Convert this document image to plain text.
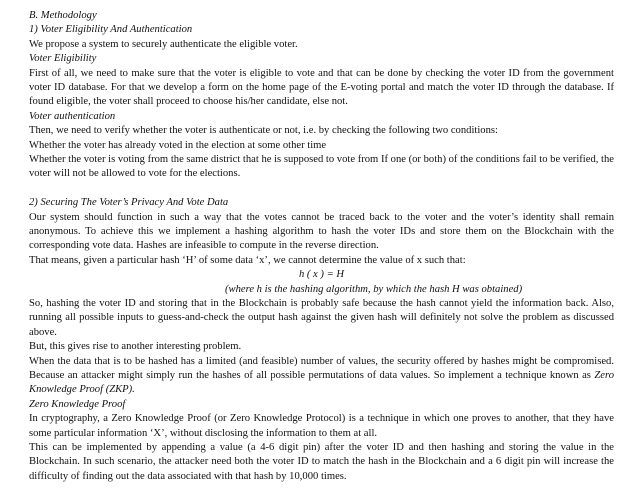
B. Methodology
1) Voter Eligibility And Authentication
We propose a system to securely authenticate the eligible voter.
Voter Eligibility

First of all, we need to make sure that the voter is eligible to vote and that can be done by checking the voter ID from the government voter ID database. For that we develop a form on the home page of the E-voting portal and match the voter ID through the database. If found eligible, the voter shall proceed to choose his/her candidate, else not.

Voter authentication
Then, we need to verify whether the voter is authenticate or not, i.e. by checking the following two conditions:
Whether the voter has already voted in the election at some other time

Whether the voter is voting from the same district that he is supposed to vote from If one (or both) of the conditions fail to be verified, the voter will not be allowed to vote for the elections.

2) Securing The Voter’s Privacy And Vote Data

Our system should function in such a way that the votes cannot be traced back to the voter and the voter’s identity shall remain anonymous. To achieve this we implement a hashing algorithm to hash the voter IDs and store them on the Blockchain with the corresponding vote data. Hashes are infeasible to compute in the reverse direction.

That means, given a particular hash ‘H’ of some data ‘x’, we cannot determine the value of x such that:
h ( x ) = H
(where h is the hashing algorithm, by which the hash H was obtained)

So, hashing the voter ID and storing that in the Blockchain is probably safe because the hash cannot yield the information back. Also, running all possible inputs to guess-and-check the output hash against the given hash will definitely not solve the problem as discussed above.

But, this gives rise to another interesting problem.

When the data that is to be hashed has a limited (and feasible) number of values, the security offered by hashes might be compromised. Because an attacker might simply run the hashes of all possible permutations of data values. So implement a technique known as Zero Knowledge Proof (ZKP).

Zero Knowledge Proof

In cryptography, a Zero Knowledge Proof (or Zero Knowledge Protocol) is a technique in which one proves to another, that they have some particular information ‘X’, without disclosing the information to them at all.

This can be implemented by appending a value (a 4-6 digit pin) after the voter ID and then hashing and storing the value in the Blockchain. In such scenario, the attacker need both the voter ID to match the hash in the Blockchain and a 6 digit pin will increase the difficulty of finding out the data associated with that hash by 10,000 times.
